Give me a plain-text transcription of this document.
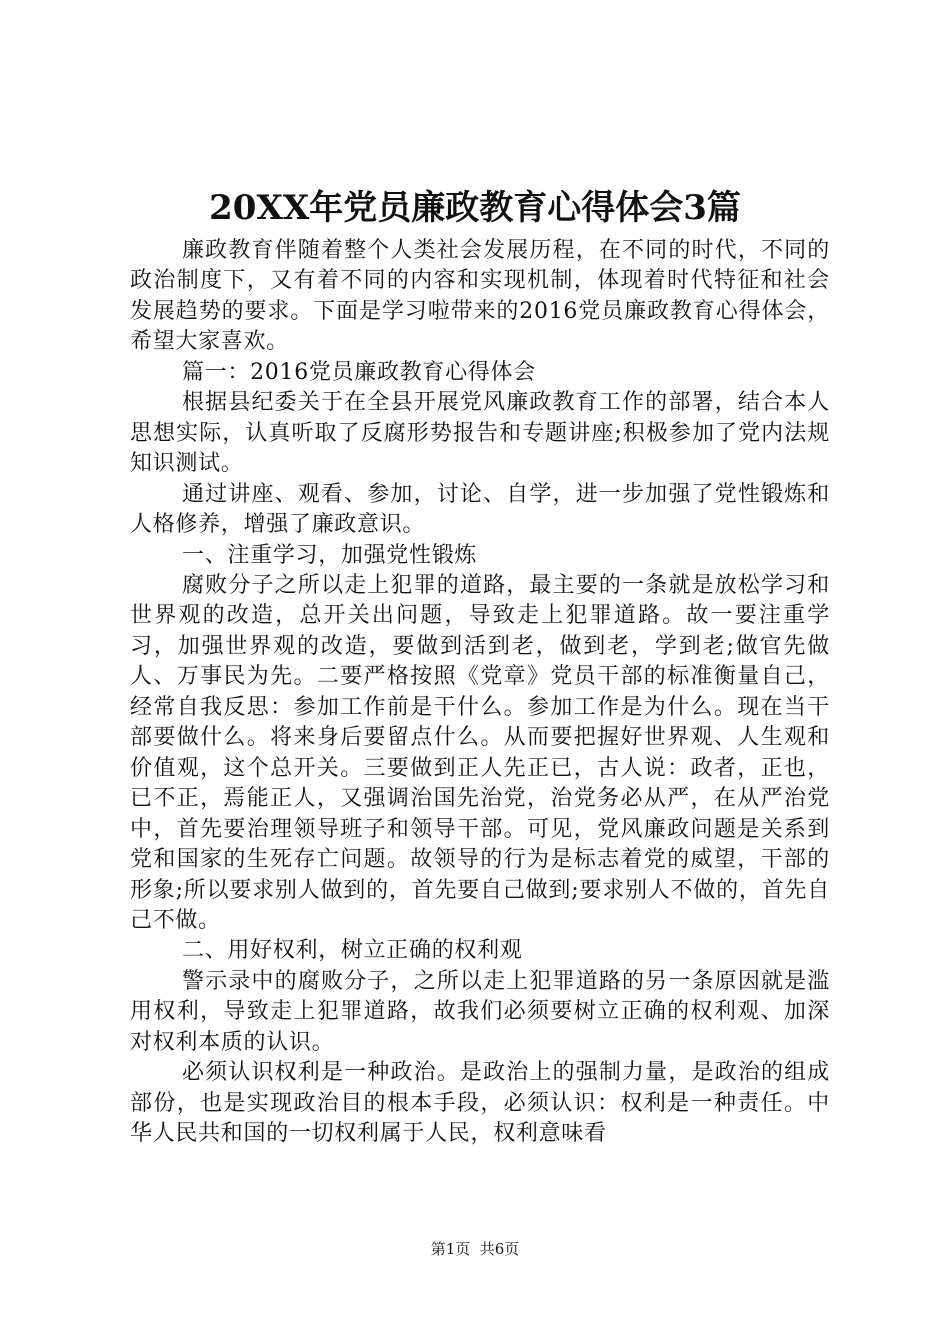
20XX年党员廉政教育心得体会3篇

廉政教育伴随着整个人类社会发展历程，在不同的时代，不同的政治制度下，又有着不同的内容和实现机制，体现着时代特征和社会发展趋势的要求。下面是学习啦带来的2016党员廉政教育心得体会，希望大家喜欢。

篇一：2016党员廉政教育心得体会

根据县纪委关于在全县开展党风廉政教育工作的部署，结合本人思想实际，认真听取了反腐形势报告和专题讲座;积极参加了党内法规知识测试。

通过讲座、观看、参加，讨论、自学，进一步加强了党性锻炼和人格修养，增强了廉政意识。

一、注重学习，加强党性锻炼

腐败分子之所以走上犯罪的道路，最主要的一条就是放松学习和世界观的改造，总开关出问题，导致走上犯罪道路。故一要注重学习，加强世界观的改造，要做到活到老，做到老，学到老;做官先做人、万事民为先。二要严格按照《党章》党员干部的标准衡量自己，经常自我反思：参加工作前是干什么。参加工作是为什么。现在当干部要做什么。将来身后要留点什么。从而要把握好世界观、人生观和价值观，这个总开关。三要做到正人先正已，古人说：政者，正也，已不正，焉能正人，又强调治国先治党，治党务必从严，在从严治党中，首先要治理领导班子和领导干部。可见，党风廉政问题是关系到党和国家的生死存亡问题。故领导的行为是标志着党的威望，干部的形象;所以要求别人做到的，首先要自己做到;要求别人不做的，首先自己不做。

二、用好权利，树立正确的权利观

警示录中的腐败分子，之所以走上犯罪道路的另一条原因就是滥用权利，导致走上犯罪道路，故我们必须要树立正确的权利观、加深对权利本质的认识。

必须认识权利是一种政治。是政治上的强制力量，是政治的组成部份，也是实现政治目的根本手段，必须认识：权利是一种责任。中华人民共和国的一切权利属于人民，权利意味看

第1页  共6页
